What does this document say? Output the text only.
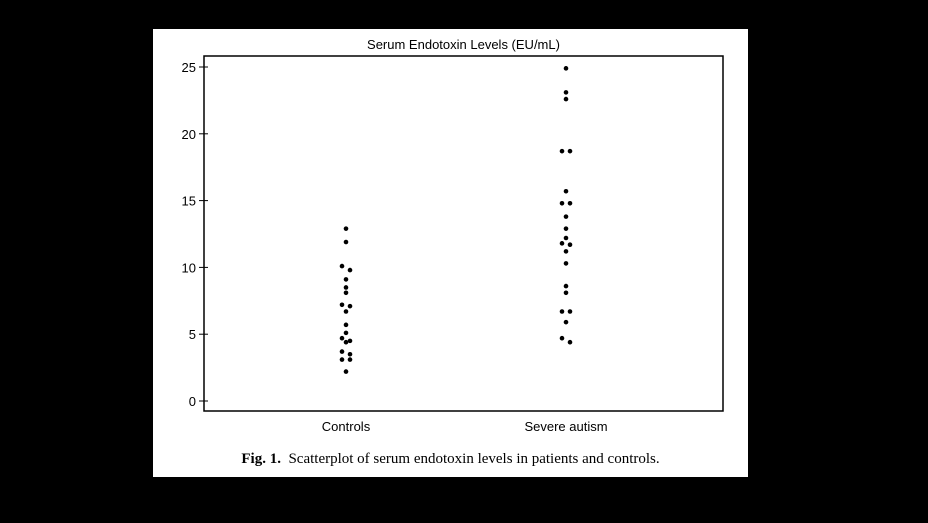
Serum Endotoxin Levels (EU/mL)
0
5
10
15
20
25
Controls	Severe autism
Fig. 1. Scatterplot of serum endotoxin levels in patients and controls.
